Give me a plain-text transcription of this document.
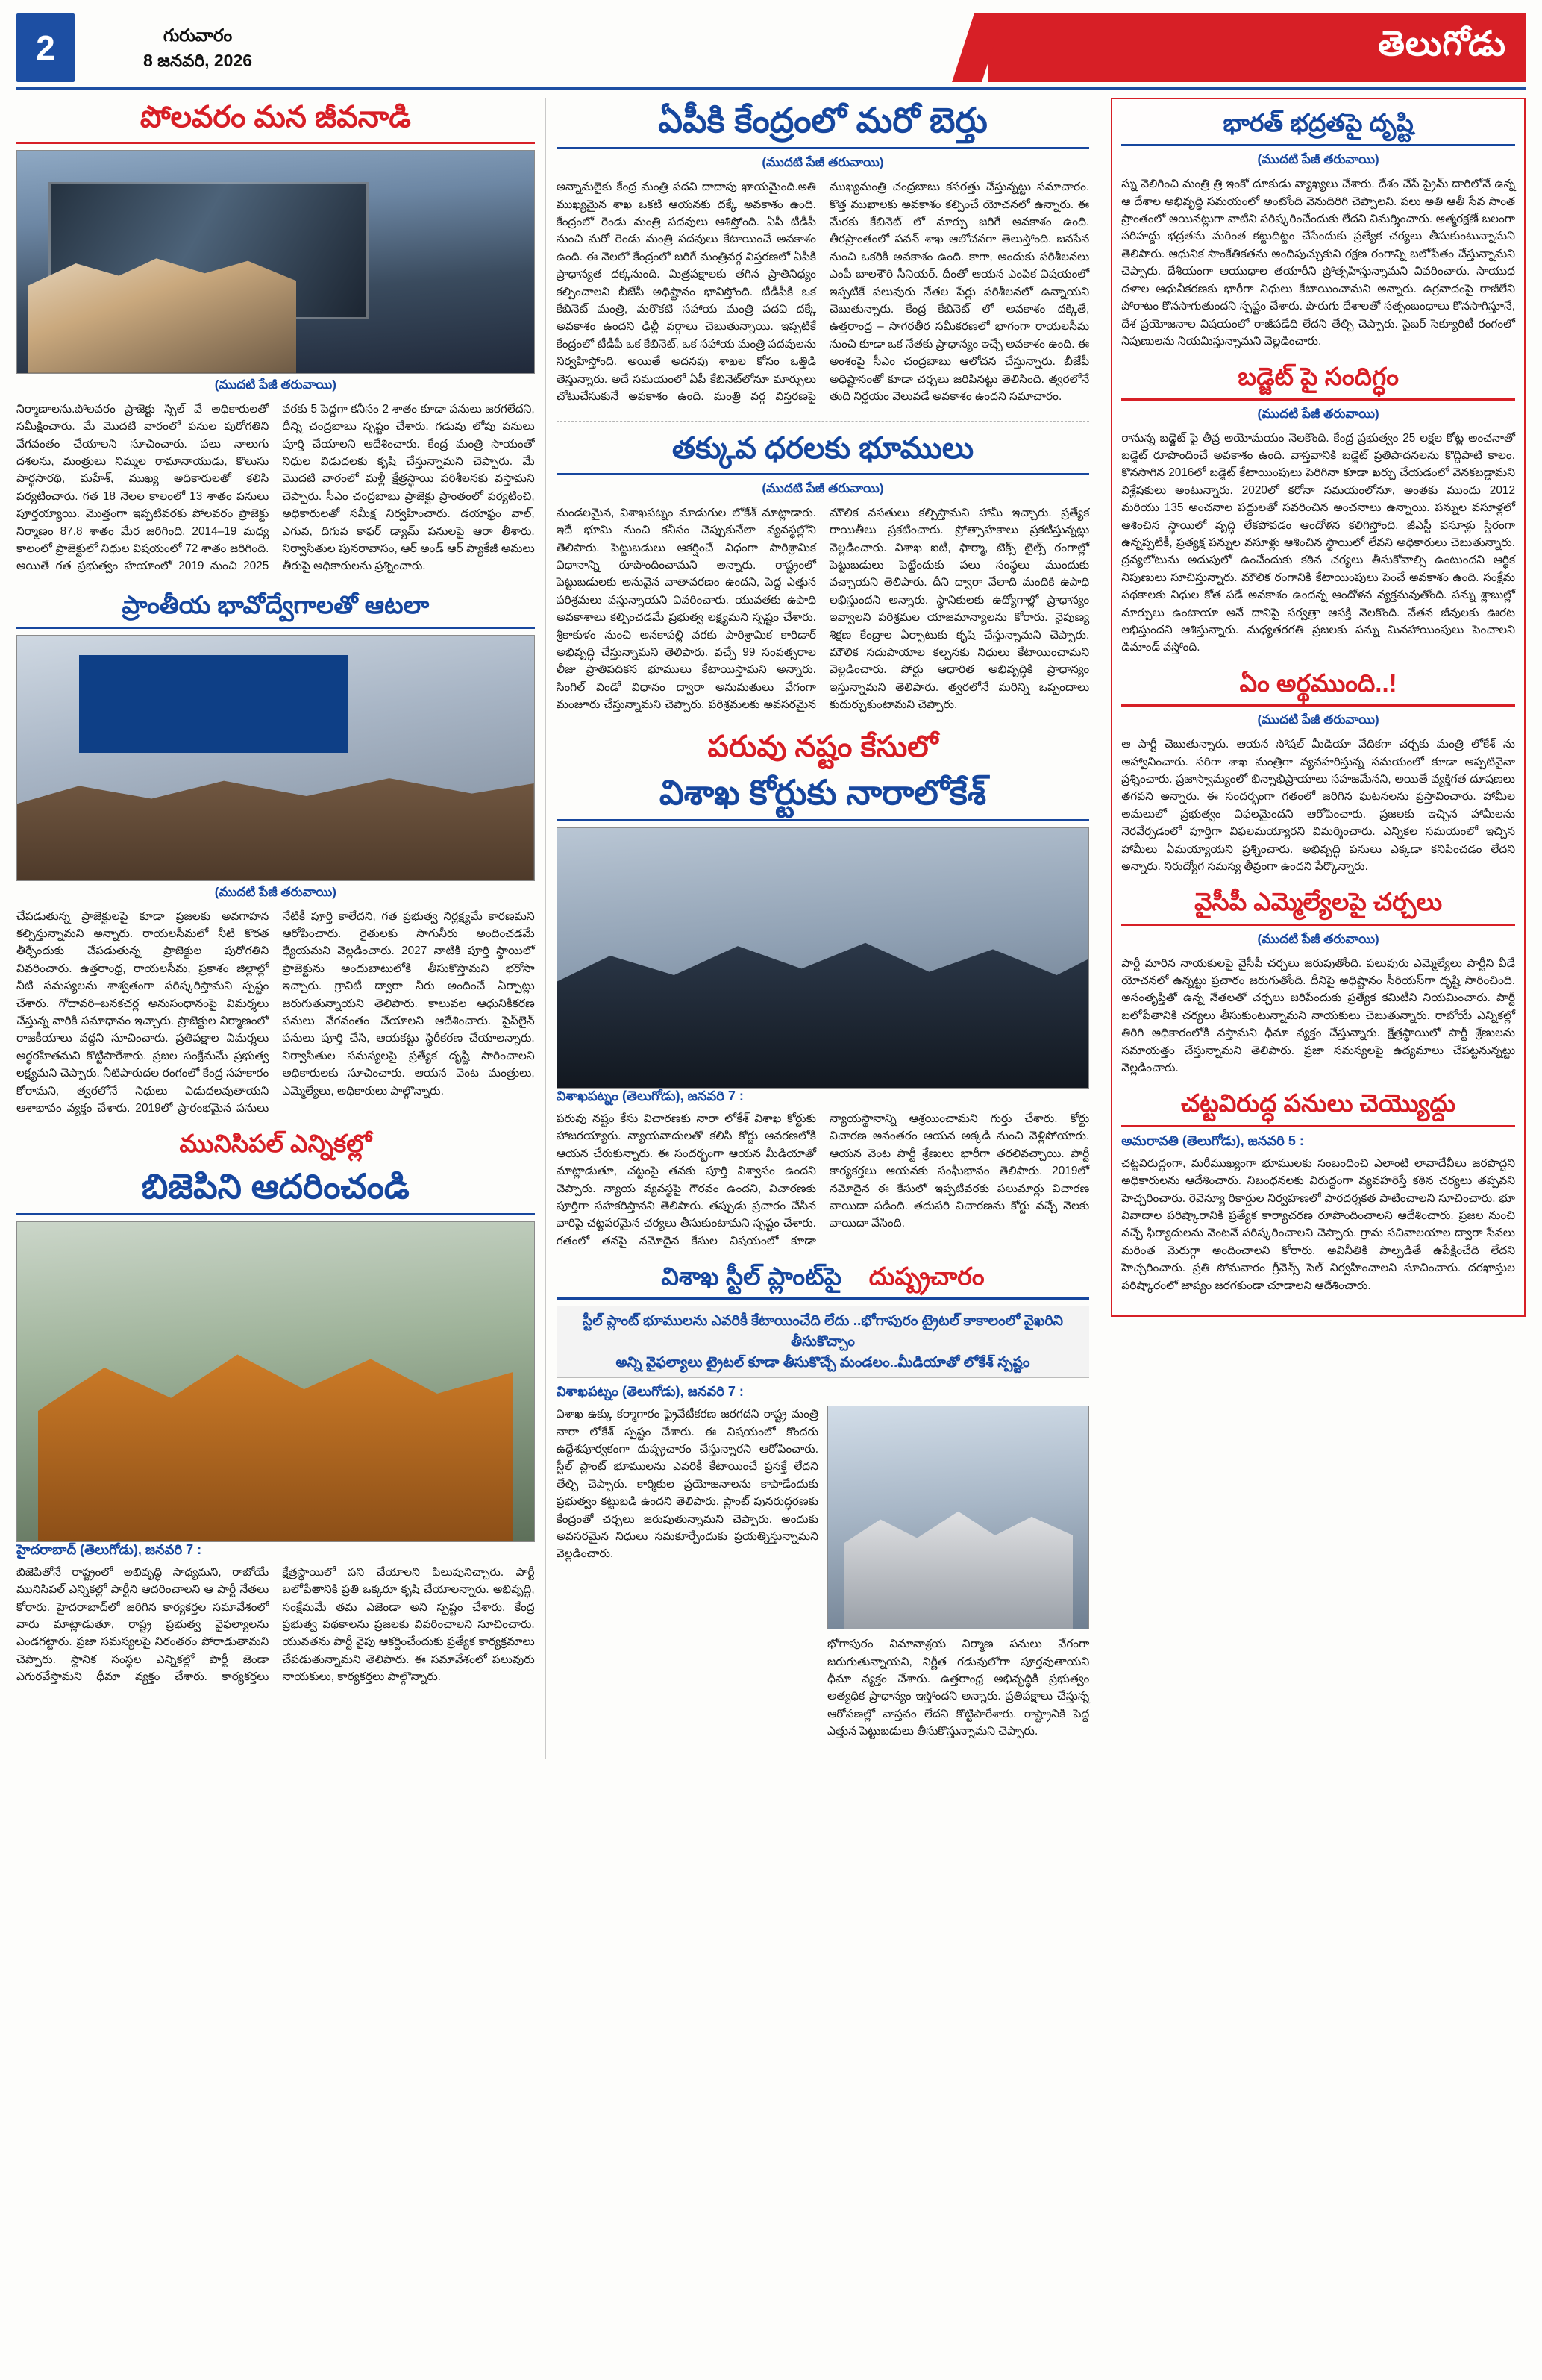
2	గురువారం
8 జనవరి, 2026	తెలుగోడు
పోలవరం మన జీవనాడి
(ముదటి పేజీ తరువాయి)

నిర్మాణాలను.పోలవరం ప్రాజెక్టు స్పిల్ వే అధికారులతో సమీక్షించారు. మే మొదటి వారంలో పనుల పురోగతిని వేగవంతం చేయాలని సూచించారు. పలు నాలుగు దశలను, మంత్రులు నిమ్మల రామానాయుడు, కొలుసు పార్థసారథి, మహేశ్, ముఖ్య అధికారులతో కలిసి పర్యటించారు. గత 18 నెలల కాలంలో 13 శాతం పనులు పూర్తయ్యాయి. మొత్తంగా ఇప్పటివరకు పోలవరం ప్రాజెక్టు నిర్మాణం 87.8 శాతం మేర జరిగింది. 2014–19 మధ్య కాలంలో ప్రాజెక్టులో నిధుల విషయంలో 72 శాతం జరిగింది. అయితే గత ప్రభుత్వం హయాంలో 2019 నుంచి 2025 వరకు 5 పెద్దగా కనీసం 2 శాతం కూడా పనులు జరగలేదని, దీన్ని చంద్రబాబు స్పష్టం చేశారు. గడువు లోపు పనులు పూర్తి చేయాలని ఆదేశించారు. కేంద్ర మంత్రి సాయంతో నిధుల విడుదలకు కృషి చేస్తున్నామని చెప్పారు. మే మొదటి వారంలో మళ్లీ క్షేత్రస్థాయి పరిశీలనకు వస్తామని చెప్పారు. సీఎం చంద్రబాబు ప్రాజెక్టు ప్రాంతంలో పర్యటించి, అధికారులతో సమీక్ష నిర్వహించారు. డయాఫ్రం వాల్, ఎగువ, దిగువ కాఫర్ డ్యామ్ పనులపై ఆరా తీశారు. నిర్వాసితుల పునరావాసం, ఆర్ అండ్ ఆర్ ప్యాకేజీ అమలు తీరుపై అధికారులను ప్రశ్నించారు.

ప్రాంతీయ భావోద్వేగాలతో ఆటలా
(ముదటి పేజీ తరువాయి)

చేపడుతున్న ప్రాజెక్టులపై కూడా ప్రజలకు అవగాహన కల్పిస్తున్నామని అన్నారు. రాయలసీమలో నీటి కొరత తీర్చేందుకు చేపడుతున్న ప్రాజెక్టుల పురోగతిని వివరించారు. ఉత్తరాంధ్ర, రాయలసీమ, ప్రకాశం జిల్లాల్లో నీటి సమస్యలను శాశ్వతంగా పరిష్కరిస్తామని స్పష్టం చేశారు. గోదావరి–బనకచర్ల అనుసంధానంపై విమర్శలు చేస్తున్న వారికి సమాధానం ఇచ్చారు. ప్రాజెక్టుల నిర్మాణంలో రాజకీయాలు వద్దని సూచించారు. ప్రతిపక్షాల విమర్శలు అర్థరహితమని కొట్టిపారేశారు. ప్రజల సంక్షేమమే ప్రభుత్వ లక్ష్యమని చెప్పారు. నీటిపారుదల రంగంలో కేంద్ర సహకారం కోరామని, త్వరలోనే నిధులు విడుదలవుతాయని ఆశాభావం వ్యక్తం చేశారు. 2019లో ప్రారంభమైన పనులు నేటికీ పూర్తి కాలేదని, గత ప్రభుత్వ నిర్లక్ష్యమే కారణమని ఆరోపించారు. రైతులకు సాగునీరు అందించడమే ధ్యేయమని వెల్లడించారు. 2027 నాటికి పూర్తి స్థాయిలో ప్రాజెక్టును అందుబాటులోకి తీసుకొస్తామని భరోసా ఇచ్చారు. గ్రావిటీ ద్వారా నీరు అందించే ఏర్పాట్లు జరుగుతున్నాయని తెలిపారు. కాలువల ఆధునికీకరణ పనులు వేగవంతం చేయాలని ఆదేశించారు. పైప్‌లైన్ పనులు పూర్తి చేసి, ఆయకట్టు స్థిరీకరణ చేయాలన్నారు. నిర్వాసితుల సమస్యలపై ప్రత్యేక దృష్టి సారించాలని అధికారులకు సూచించారు. ఆయన వెంట మంత్రులు, ఎమ్మెల్యేలు, అధికారులు పాల్గొన్నారు.

మునిసిపల్ ఎన్నికల్లో
బిజెపిని ఆదరించండి
హైదరాబాద్ (తెలుగోడు), జనవరి 7 :

బిజెపితోనే రాష్ట్రంలో అభివృద్ధి సాధ్యమని, రాబోయే మునిసిపల్ ఎన్నికల్లో పార్టీని ఆదరించాలని ఆ పార్టీ నేతలు కోరారు. హైదరాబాద్‌లో జరిగిన కార్యకర్తల సమావేశంలో వారు మాట్లాడుతూ, రాష్ట్ర ప్రభుత్వ వైఫల్యాలను ఎండగట్టారు. ప్రజా సమస్యలపై నిరంతరం పోరాడుతామని చెప్పారు. స్థానిక సంస్థల ఎన్నికల్లో పార్టీ జెండా ఎగురవేస్తామని ధీమా వ్యక్తం చేశారు. కార్యకర్తలు క్షేత్రస్థాయిలో పని చేయాలని పిలుపునిచ్చారు. పార్టీ బలోపేతానికి ప్రతి ఒక్కరూ కృషి చేయాలన్నారు. అభివృద్ధి, సంక్షేమమే తమ ఎజెండా అని స్పష్టం చేశారు. కేంద్ర ప్రభుత్వ పథకాలను ప్రజలకు వివరించాలని సూచించారు. యువతను పార్టీ వైపు ఆకర్షించేందుకు ప్రత్యేక కార్యక్రమాలు చేపడుతున్నామని తెలిపారు. ఈ సమావేశంలో పలువురు నాయకులు, కార్యకర్తలు పాల్గొన్నారు.

ఏపీకి కేంద్రంలో మరో బెర్తు
(ముదటి పేజీ తరువాయి)

అన్నామలైకు కేంద్ర మంత్రి పదవి దాదాపు ఖాయమైంది.అతి ముఖ్యమైన శాఖ ఒకటి ఆయనకు దక్కే అవకాశం ఉంది. కేంద్రంలో రెండు మంత్రి పదవులు ఆశిస్తోంది. ఏపీ టీడీపీ నుంచి మరో రెండు మంత్రి పదవులు కేటాయించే అవకాశం ఉంది. ఈ నెలలో కేంద్రంలో జరిగే మంత్రివర్గ విస్తరణలో ఏపీకి ప్రాధాన్యత దక్కనుంది. మిత్రపక్షాలకు తగిన ప్రాతినిధ్యం కల్పించాలని బీజేపీ అధిష్టానం భావిస్తోంది. టీడీపీకి ఒక కేబినెట్ మంత్రి, మరొకటి సహాయ మంత్రి పదవి దక్కే అవకాశం ఉందని ఢిల్లీ వర్గాలు చెబుతున్నాయి. ఇప్పటికే కేంద్రంలో టీడీపీ ఒక కేబినెట్, ఒక సహాయ మంత్రి పదవులను నిర్వహిస్తోంది. అయితే అదనపు శాఖల కోసం ఒత్తిడి తెస్తున్నారు. అదే సమయంలో ఏపీ కేబినెట్‌లోనూ మార్పులు చోటుచేసుకునే అవకాశం ఉంది. మంత్రి వర్గ విస్తరణపై ముఖ్యమంత్రి చంద్రబాబు కసరత్తు చేస్తున్నట్టు సమాచారం. కొత్త ముఖాలకు అవకాశం కల్పించే యోచనలో ఉన్నారు. ఈ మేరకు కేబినెట్ లో మార్పు జరిగే అవకాశం ఉంది. తీరప్రాంతంలో పవన్ శాఖ ఆలోచనగా తెలుస్తోంది. జనసేన నుంచి ఒకరికి అవకాశం ఉంది. కాగా, అందుకు పరిశీలనలు ఎంపీ బాలశౌరి సీనియర్. దీంతో ఆయన ఎంపిక విషయంలో ఇప్పటికే పలువురు నేతల పేర్లు పరిశీలనలో ఉన్నాయని చెబుతున్నారు. కేంద్ర కేబినెట్ లో అవకాశం దక్కితే, ఉత్తరాంధ్ర – సాగరతీర సమీకరణలో భాగంగా రాయలసీమ నుంచి కూడా ఒక నేతకు ప్రాధాన్యం ఇచ్చే అవకాశం ఉంది. ఈ అంశంపై సీఎం చంద్రబాబు ఆలోచన చేస్తున్నారు. బీజేపీ అధిష్టానంతో కూడా చర్చలు జరిపినట్టు తెలిసింది. త్వరలోనే తుది నిర్ణయం వెలువడే అవకాశం ఉందని సమాచారం.

తక్కువ ధరలకు భూములు
(ముదటి పేజీ తరువాయి)

మండలమైన, విశాఖపట్నం మాడుగుల లోకేశ్ మాట్లాడారు. ఇదే భూమి నుంచి కనీసం చెప్పుకునేలా వ్యవస్థల్లోని తెలిపారు. పెట్టుబడులు ఆకర్షించే విధంగా పారిశ్రామిక విధానాన్ని రూపొందించామని అన్నారు. రాష్ట్రంలో పెట్టుబడులకు అనువైన వాతావరణం ఉందని, పెద్ద ఎత్తున పరిశ్రమలు వస్తున్నాయని వివరించారు. యువతకు ఉపాధి అవకాశాలు కల్పించడమే ప్రభుత్వ లక్ష్యమని స్పష్టం చేశారు. శ్రీకాకుళం నుంచి అనకాపల్లి వరకు పారిశ్రామిక కారిడార్ అభివృద్ధి చేస్తున్నామని తెలిపారు. వచ్చే 99 సంవత్సరాల లీజు ప్రాతిపదికన భూములు కేటాయిస్తామని అన్నారు. సింగిల్ విండో విధానం ద్వారా అనుమతులు వేగంగా మంజూరు చేస్తున్నామని చెప్పారు. పరిశ్రమలకు అవసరమైన మౌలిక వసతులు కల్పిస్తామని హామీ ఇచ్చారు. ప్రత్యేక రాయితీలు ప్రకటించారు. ప్రోత్సాహకాలు ప్రకటిస్తున్నట్లు వెల్లడించారు. విశాఖ ఐటీ, ఫార్మా, టెక్స్ టైల్స్ రంగాల్లో పెట్టుబడులు పెట్టేందుకు పలు సంస్థలు ముందుకు వచ్చాయని తెలిపారు. దీని ద్వారా వేలాది మందికి ఉపాధి లభిస్తుందని అన్నారు. స్థానికులకు ఉద్యోగాల్లో ప్రాధాన్యం ఇవ్వాలని పరిశ్రమల యాజమాన్యాలను కోరారు. నైపుణ్య శిక్షణ కేంద్రాల ఏర్పాటుకు కృషి చేస్తున్నామని చెప్పారు. మౌలిక సదుపాయాల కల్పనకు నిధులు కేటాయించామని వెల్లడించారు. పోర్టు ఆధారిత అభివృద్ధికి ప్రాధాన్యం ఇస్తున్నామని తెలిపారు. త్వరలోనే మరిన్ని ఒప్పందాలు కుదుర్చుకుంటామని చెప్పారు.

పరువు నష్టం కేసులో
విశాఖ కోర్టుకు నారాలోకేశ్
విశాఖపట్నం (తెలుగోడు), జనవరి 7 :

పరువు నష్టం కేసు విచారణకు నారా లోకేశ్ విశాఖ కోర్టుకు హాజరయ్యారు. న్యాయవాదులతో కలిసి కోర్టు ఆవరణలోకి ఆయన చేరుకున్నారు. ఈ సందర్భంగా ఆయన మీడియాతో మాట్లాడుతూ, చట్టంపై తనకు పూర్తి విశ్వాసం ఉందని చెప్పారు. న్యాయ వ్యవస్థపై గౌరవం ఉందని, విచారణకు పూర్తిగా సహకరిస్తానని తెలిపారు. తప్పుడు ప్రచారం చేసిన వారిపై చట్టపరమైన చర్యలు తీసుకుంటామని స్పష్టం చేశారు. గతంలో తనపై నమోదైన కేసుల విషయంలో కూడా న్యాయస్థానాన్ని ఆశ్రయించామని గుర్తు చేశారు. కోర్టు విచారణ అనంతరం ఆయన అక్కడి నుంచి వెళ్లిపోయారు. ఆయన వెంట పార్టీ శ్రేణులు భారీగా తరలివచ్చాయి. పార్టీ కార్యకర్తలు ఆయనకు సంఘీభావం తెలిపారు. 2019లో నమోదైన ఈ కేసులో ఇప్పటివరకు పలుమార్లు విచారణ వాయిదా పడింది. తదుపరి విచారణను కోర్టు వచ్చే నెలకు వాయిదా వేసింది.

విశాఖ స్టీల్ ప్లాంట్‌పై దుష్ప్రచారం
స్టీల్ ప్లాంట్ భూములను ఎవరికీ కేటాయించేది లేదు ..భోగాపురం ట్రైటల్ కాకాలంలో వైఖరిని తీసుకొచ్చాం
అన్ని వైఫల్యాలు ట్రైటల్ కూడా తీసుకొచ్చే మండలం..మీడియాతో లోకేశ్ స్పష్టం
విశాఖపట్నం (తెలుగోడు), జనవరి 7 :

విశాఖ ఉక్కు కర్మాగారం ప్రైవేటీకరణ జరగదని రాష్ట్ర మంత్రి నారా లోకేశ్ స్పష్టం చేశారు. ఈ విషయంలో కొందరు ఉద్దేశపూర్వకంగా దుష్ప్రచారం చేస్తున్నారని ఆరోపించారు. స్టీల్ ప్లాంట్ భూములను ఎవరికీ కేటాయించే ప్రసక్తే లేదని తేల్చి చెప్పారు. కార్మికుల ప్రయోజనాలను కాపాడేందుకు ప్రభుత్వం కట్టుబడి ఉందని తెలిపారు. ప్లాంట్ పునరుద్ధరణకు కేంద్రంతో చర్చలు జరుపుతున్నామని చెప్పారు. అందుకు అవసరమైన నిధులు సమకూర్చేందుకు ప్రయత్నిస్తున్నామని వెల్లడించారు.

భోగాపురం విమానాశ్రయ నిర్మాణ పనులు వేగంగా జరుగుతున్నాయని, నిర్ణీత గడువులోగా పూర్తవుతాయని ధీమా వ్యక్తం చేశారు. ఉత్తరాంధ్ర అభివృద్ధికి ప్రభుత్వం అత్యధిక ప్రాధాన్యం ఇస్తోందని అన్నారు. ప్రతిపక్షాలు చేస్తున్న ఆరోపణల్లో వాస్తవం లేదని కొట్టిపారేశారు. రాష్ట్రానికి పెద్ద ఎత్తున పెట్టుబడులు తీసుకొస్తున్నామని చెప్పారు.

భారత్ భద్రతపై దృష్టి
(ముదటి పేజీ తరువాయి)

స్ను వెలిగించి మంత్రి త్రి ఇంకో దూకుడు వ్యాఖ్యలు చేశారు. దేశం చేసే ప్రైమ్ దారిలోనే ఉన్న ఆ దేశాల అభివృద్ధి సమయంలో అంటోంది వెనుదిరిగి చెప్పాలని. పలు అతి ఆతీ సేవ సాంత ప్రాంతంలో అయినట్లుగా వాటిని పరిష్కరించేందుకు లేదని విమర్శించారు. ఆత్మరక్షణే బలంగా సరిహద్దు భద్రతను మరింత కట్టుదిట్టం చేసేందుకు ప్రత్యేక చర్యలు తీసుకుంటున్నామని తెలిపారు. ఆధునిక సాంకేతికతను అందిపుచ్చుకుని రక్షణ రంగాన్ని బలోపేతం చేస్తున్నామని చెప్పారు. దేశీయంగా ఆయుధాల తయారీని ప్రోత్సహిస్తున్నామని వివరించారు. సాయుధ దళాల ఆధునీకరణకు భారీగా నిధులు కేటాయించామని అన్నారు. ఉగ్రవాదంపై రాజీలేని పోరాటం కొనసాగుతుందని స్పష్టం చేశారు. పొరుగు దేశాలతో సత్సంబంధాలు కొనసాగిస్తూనే, దేశ ప్రయోజనాల విషయంలో రాజీపడేది లేదని తేల్చి చెప్పారు. సైబర్ సెక్యూరిటీ రంగంలో నిపుణులను నియమిస్తున్నామని వెల్లడించారు.

బడ్జెట్ పై సందిగ్ధం
(ముదటి పేజీ తరువాయి)

రానున్న బడ్జెట్ పై తీవ్ర అయోమయం నెలకొంది. కేంద్ర ప్రభుత్వం 25 లక్షల కోట్ల అంచనాతో బడ్జెట్ రూపొందించే అవకాశం ఉంది. వాస్తవానికి బడ్జెట్ ప్రతిపాదనలను కొద్దిపాటి కాలం. కొనసాగిన 2016లో బడ్జెట్ కేటాయింపులు పెరిగినా కూడా ఖర్చు చేయడంలో వెనకబడ్డామని విశ్లేషకులు అంటున్నారు. 2020లో కరోనా సమయంలోనూ, అంతకు ముందు 2012 మరియు 135 అంచనాల పద్దులతో సవరించిన అంచనాలు ఉన్నాయి. పన్నుల వసూళ్లలో ఆశించిన స్థాయిలో వృద్ధి లేకపోవడం ఆందోళన కలిగిస్తోంది. జీఎస్టీ వసూళ్లు స్థిరంగా ఉన్నప్పటికీ, ప్రత్యక్ష పన్నుల వసూళ్లు ఆశించిన స్థాయిలో లేవని అధికారులు చెబుతున్నారు. ద్రవ్యలోటును అదుపులో ఉంచేందుకు కఠిన చర్యలు తీసుకోవాల్సి ఉంటుందని ఆర్థిక నిపుణులు సూచిస్తున్నారు. మౌలిక రంగానికి కేటాయింపులు పెంచే అవకాశం ఉంది. సంక్షేమ పథకాలకు నిధుల కోత పడే అవకాశం ఉందన్న ఆందోళన వ్యక్తమవుతోంది. పన్ను శ్లాబుల్లో మార్పులు ఉంటాయా అనే దానిపై సర్వత్రా ఆసక్తి నెలకొంది. వేతన జీవులకు ఊరట లభిస్తుందని ఆశిస్తున్నారు. మధ్యతరగతి ప్రజలకు పన్ను మినహాయింపులు పెంచాలని డిమాండ్ వస్తోంది.

ఏం అర్థముంది..!
(ముదటి పేజీ తరువాయి)

ఆ పార్టీ చెబుతున్నారు. ఆయన సోషల్ మీడియా వేదికగా చర్చకు మంత్రి లోకేశ్ ను ఆహ్వానించారు. సరిగా శాఖ మంత్రిగా వ్యవహరిస్తున్న సమయంలో కూడా అప్పటివైనా ప్రశ్నించారు. ప్రజాస్వామ్యంలో భిన్నాభిప్రాయాలు సహజమేనని, అయితే వ్యక్తిగత దూషణలు తగవని అన్నారు. ఈ సందర్భంగా గతంలో జరిగిన ఘటనలను ప్రస్తావించారు. హామీల అమలులో ప్రభుత్వం విఫలమైందని ఆరోపించారు. ప్రజలకు ఇచ్చిన హామీలను నెరవేర్చడంలో పూర్తిగా విఫలమయ్యారని విమర్శించారు. ఎన్నికల సమయంలో ఇచ్చిన హామీలు ఏమయ్యాయని ప్రశ్నించారు. అభివృద్ధి పనులు ఎక్కడా కనిపించడం లేదని అన్నారు. నిరుద్యోగ సమస్య తీవ్రంగా ఉందని పేర్కొన్నారు.

వైసీపీ ఎమ్మెల్యేలపై చర్చలు
(ముదటి పేజీ తరువాయి)

పార్టీ మారిన నాయకులపై వైసీపీ చర్చలు జరుపుతోంది. పలువురు ఎమ్మెల్యేలు పార్టీని వీడే యోచనలో ఉన్నట్టు ప్రచారం జరుగుతోంది. దీనిపై అధిష్టానం సీరియస్‌గా దృష్టి సారించింది. అసంతృప్తితో ఉన్న నేతలతో చర్చలు జరిపేందుకు ప్రత్యేక కమిటీని నియమించారు. పార్టీ బలోపేతానికి చర్యలు తీసుకుంటున్నామని నాయకులు చెబుతున్నారు. రాబోయే ఎన్నికల్లో తిరిగి అధికారంలోకి వస్తామని ధీమా వ్యక్తం చేస్తున్నారు. క్షేత్రస్థాయిలో పార్టీ శ్రేణులను సమాయత్తం చేస్తున్నామని తెలిపారు. ప్రజా సమస్యలపై ఉద్యమాలు చేపట్టనున్నట్టు వెల్లడించారు.

చట్టవిరుద్ధ పనులు చెయ్యొద్దు
అమరావతి (తెలుగోడు), జనవరి 5 :

చట్టవిరుద్ధంగా, మరీముఖ్యంగా భూములకు సంబంధించి ఎలాంటి లావాదేవీలు జరపొద్దని అధికారులను ఆదేశించారు. నిబంధనలకు విరుద్ధంగా వ్యవహరిస్తే కఠిన చర్యలు తప్పవని హెచ్చరించారు. రెవెన్యూ రికార్డుల నిర్వహణలో పారదర్శకత పాటించాలని సూచించారు. భూ వివాదాల పరిష్కారానికి ప్రత్యేక కార్యాచరణ రూపొందించాలని ఆదేశించారు. ప్రజల నుంచి వచ్చే ఫిర్యాదులను వెంటనే పరిష్కరించాలని చెప్పారు. గ్రామ సచివాలయాల ద్వారా సేవలు మరింత మెరుగ్గా అందించాలని కోరారు. అవినీతికి పాల్పడితే ఉపేక్షించేది లేదని హెచ్చరించారు. ప్రతి సోమవారం గ్రీవెన్స్ సెల్ నిర్వహించాలని సూచించారు. దరఖాస్తుల పరిష్కారంలో జాప్యం జరగకుండా చూడాలని ఆదేశించారు.
